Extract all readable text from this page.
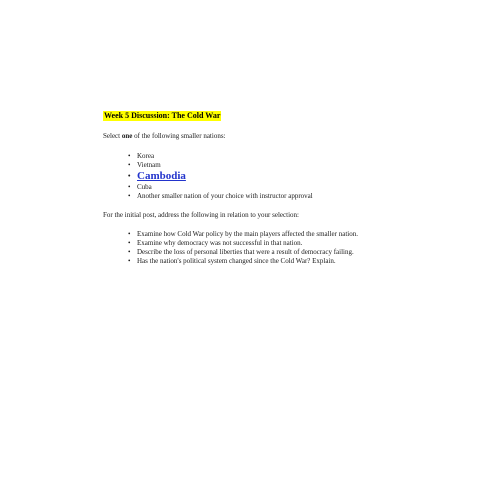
Week 5 Discussion: The Cold War

Select one of the following smaller nations:

• Korea
• Vietnam
• Cambodia
• Cuba
• Another smaller nation of your choice with instructor approval

For the initial post, address the following in relation to your selection:

• Examine how Cold War policy by the main players affected the smaller nation.
• Examine why democracy was not successful in that nation.
• Describe the loss of personal liberties that were a result of democracy failing.
• Has the nation's political system changed since the Cold War? Explain.
